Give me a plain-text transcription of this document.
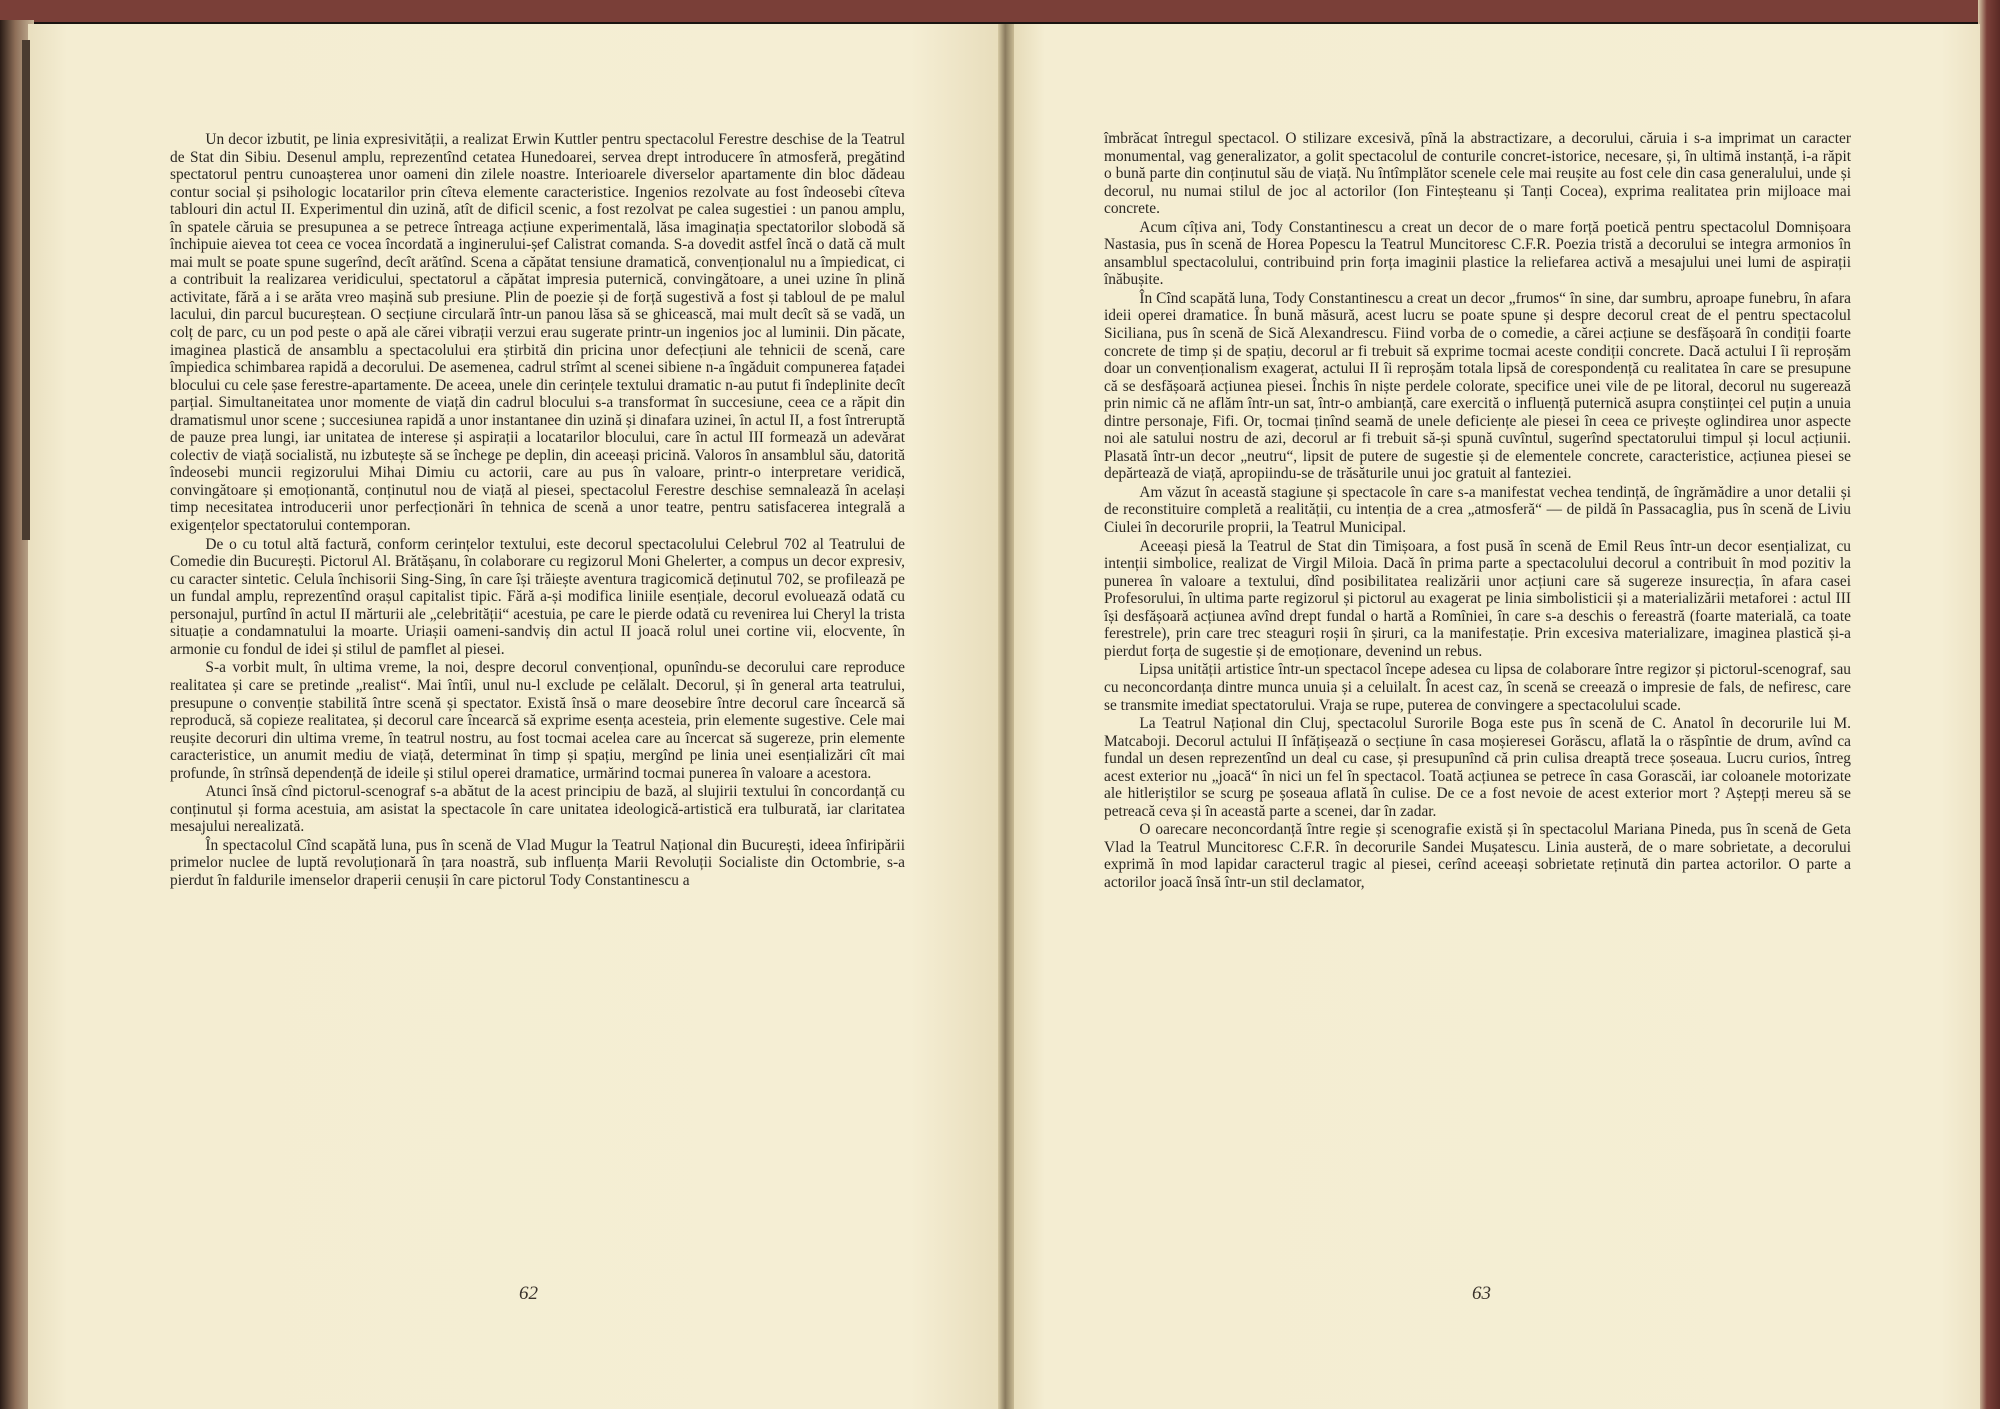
Un decor izbutit, pe linia expresivității, a realizat Erwin Kuttler pentru spectacolul Ferestre deschise de la Teatrul de Stat din Sibiu. Desenul amplu, reprezentînd cetatea Hunedoarei, servea drept introducere în atmosferă, pregătind spectatorul pentru cunoașterea unor oameni din zilele noastre. Interioarele diverselor apartamente din bloc dădeau contur social și psihologic locatarilor prin cîteva elemente caracteristice. Ingenios rezolvate au fost îndeosebi cîteva tablouri din actul II. Experimentul din uzină, atît de dificil scenic, a fost rezolvat pe calea sugestiei : un panou amplu, în spatele căruia se presupunea a se petrece întreaga acțiune experimentală, lăsa imaginația spectatorilor slobodă să închipuie aievea tot ceea ce vocea încordată a inginerului-șef Calistrat comanda. S-a dovedit astfel încă o dată că mult mai mult se poate spune sugerînd, decît arătînd. Scena a căpătat tensiune dramatică, convenționalul nu a împiedicat, ci a contribuit la realizarea veridicului, spectatorul a căpătat impresia puternică, convingătoare, a unei uzine în plină activitate, fără a i se arăta vreo mașină sub presiune. Plin de poezie și de forță sugestivă a fost și tabloul de pe malul lacului, din parcul bucureștean. O secțiune circulară într-un panou lăsa să se ghicească, mai mult decît să se vadă, un colț de parc, cu un pod peste o apă ale cărei vibrații verzui erau sugerate printr-un ingenios joc al luminii. Din păcate, imaginea plastică de ansamblu a spectacolului era știrbită din pricina unor defecțiuni ale tehnicii de scenă, care împiedica schimbarea rapidă a decorului. De asemenea, cadrul strîmt al scenei sibiene n-a îngăduit compunerea fațadei blocului cu cele șase ferestre-apartamente. De aceea, unele din cerințele textului dramatic n-au putut fi îndeplinite decît parțial. Simultaneitatea unor momente de viață din cadrul blocului s-a transformat în succesiune, ceea ce a răpit din dramatismul unor scene ; succesiunea rapidă a unor instantanee din uzină și dinafara uzinei, în actul II, a fost întreruptă de pauze prea lungi, iar unitatea de interese și aspirații a locatarilor blocului, care în actul III formează un adevărat colectiv de viață socialistă, nu izbutește să se închege pe deplin, din aceeași pricină. Valoros în ansamblul său, datorită îndeosebi muncii regizorului Mihai Dimiu cu actorii, care au pus în valoare, printr-o interpretare veridică, convingătoare și emoționantă, conținutul nou de viață al piesei, spectacolul Ferestre deschise semnalează în același timp necesitatea introducerii unor perfecționări în tehnica de scenă a unor teatre, pentru satisfacerea integrală a exigențelor spectatorului contemporan.

De o cu totul altă factură, conform cerințelor textului, este decorul spectacolului Celebrul 702 al Teatrului de Comedie din București. Pictorul Al. Brătășanu, în colaborare cu regizorul Moni Ghelerter, a compus un decor expresiv, cu caracter sintetic. Celula închisorii Sing-Sing, în care își trăiește aventura tragicomică deținutul 702, se profilează pe un fundal amplu, reprezentînd orașul capitalist tipic. Fără a-și modifica liniile esențiale, decorul evoluează odată cu personajul, purtînd în actul II mărturii ale „celebrității“ acestuia, pe care le pierde odată cu revenirea lui Cheryl la trista situație a condamnatului la moarte. Uriașii oameni-sandviș din actul II joacă rolul unei cortine vii, elocvente, în armonie cu fondul de idei și stilul de pamflet al piesei.

S-a vorbit mult, în ultima vreme, la noi, despre decorul convențional, opunîndu-se decorului care reproduce realitatea și care se pretinde „realist“. Mai întîi, unul nu-l exclude pe celălalt. Decorul, și în general arta teatrului, presupune o convenție stabilită între scenă și spectator. Există însă o mare deosebire între decorul care încearcă să reproducă, să copieze realitatea, și decorul care încearcă să exprime esența acesteia, prin elemente sugestive. Cele mai reușite decoruri din ultima vreme, în teatrul nostru, au fost tocmai acelea care au încercat să sugereze, prin elemente caracteristice, un anumit mediu de viață, determinat în timp și spațiu, mergînd pe linia unei esențializări cît mai profunde, în strînsă dependență de ideile și stilul operei dramatice, urmărind tocmai punerea în valoare a acestora.

Atunci însă cînd pictorul-scenograf s-a abătut de la acest principiu de bază, al slujirii textului în concordanță cu conținutul și forma acestuia, am asistat la spectacole în care unitatea ideologică-artistică era tulburată, iar claritatea mesajului nerealizată.

În spectacolul Cînd scapătă luna, pus în scenă de Vlad Mugur la Teatrul Național din București, ideea înfiripării primelor nuclee de luptă revoluționară în țara noastră, sub influența Marii Revoluții Socialiste din Octombrie, s-a pierdut în faldurile imenselor draperii cenușii în care pictorul Tody Constantinescu a

îmbrăcat întregul spectacol. O stilizare excesivă, pînă la abstractizare, a decorului, căruia i s-a imprimat un caracter monumental, vag generalizator, a golit spectacolul de conturile concret-istorice, necesare, și, în ultimă instanță, i-a răpit o bună parte din conținutul său de viață. Nu întîmplător scenele cele mai reușite au fost cele din casa generalului, unde și decorul, nu numai stilul de joc al actorilor (Ion Finteșteanu și Tanți Cocea), exprima realitatea prin mijloace mai concrete.

Acum cîțiva ani, Tody Constantinescu a creat un decor de o mare forță poetică pentru spectacolul Domnișoara Nastasia, pus în scenă de Horea Popescu la Teatrul Muncitoresc C.F.R. Poezia tristă a decorului se integra armonios în ansamblul spectacolului, contribuind prin forța imaginii plastice la reliefarea activă a mesajului unei lumi de aspirații înăbușite.

În Cînd scapătă luna, Tody Constantinescu a creat un decor „frumos“ în sine, dar sumbru, aproape funebru, în afara ideii operei dramatice. În bună măsură, acest lucru se poate spune și despre decorul creat de el pentru spectacolul Siciliana, pus în scenă de Sică Alexandrescu. Fiind vorba de o comedie, a cărei acțiune se desfășoară în condiții foarte concrete de timp și de spațiu, decorul ar fi trebuit să exprime tocmai aceste condiții concrete. Dacă actului I îi reproșăm doar un convenționalism exagerat, actului II îi reproșăm totala lipsă de corespondență cu realitatea în care se presupune că se desfășoară acțiunea piesei. Închis în niște perdele colorate, specifice unei vile de pe litoral, decorul nu sugerează prin nimic că ne aflăm într-un sat, într-o ambianță, care exercită o influență puternică asupra conștiinței cel puțin a unuia dintre personaje, Fifi. Or, tocmai ținînd seamă de unele deficiențe ale piesei în ceea ce privește oglindirea unor aspecte noi ale satului nostru de azi, decorul ar fi trebuit să-și spună cuvîntul, sugerînd spectatorului timpul și locul acțiunii. Plasată într-un decor „neutru“, lipsit de putere de sugestie și de elementele concrete, caracteristice, acțiunea piesei se depărtează de viață, apropiindu-se de trăsăturile unui joc gratuit al fanteziei.

Am văzut în această stagiune și spectacole în care s-a manifestat vechea tendință, de îngrămădire a unor detalii și de reconstituire completă a realității, cu intenția de a crea „atmosferă“ — de pildă în Passacaglia, pus în scenă de Liviu Ciulei în decorurile proprii, la Teatrul Municipal.

Aceeași piesă la Teatrul de Stat din Timișoara, a fost pusă în scenă de Emil Reus într-un decor esențializat, cu intenții simbolice, realizat de Virgil Miloia. Dacă în prima parte a spectacolului decorul a contribuit în mod pozitiv la punerea în valoare a textului, dînd posibilitatea realizării unor acțiuni care să sugereze insurecția, în afara casei Profesorului, în ultima parte regizorul și pictorul au exagerat pe linia simbolisticii și a materializării metaforei : actul III își desfășoară acțiunea avînd drept fundal o hartă a Romîniei, în care s-a deschis o fereastră (foarte materială, ca toate ferestrele), prin care trec steaguri roșii în șiruri, ca la manifestație. Prin excesiva materializare, imaginea plastică și-a pierdut forța de sugestie și de emoționare, devenind un rebus.

Lipsa unității artistice într-un spectacol începe adesea cu lipsa de colaborare între regizor și pictorul-scenograf, sau cu neconcordanța dintre munca unuia și a celuilalt. În acest caz, în scenă se creează o impresie de fals, de nefiresc, care se transmite imediat spectatorului. Vraja se rupe, puterea de convingere a spectacolului scade.

La Teatrul Național din Cluj, spectacolul Surorile Boga este pus în scenă de C. Anatol în decorurile lui M. Matcaboji. Decorul actului II înfățișează o secțiune în casa moșieresei Gorăscu, aflată la o răspîntie de drum, avînd ca fundal un desen reprezentînd un deal cu case, și presupunînd că prin culisa dreaptă trece șoseaua. Lucru curios, întreg acest exterior nu „joacă“ în nici un fel în spectacol. Toată acțiunea se petrece în casa Gorascăi, iar coloanele motorizate ale hitleriștilor se scurg pe șoseaua aflată în culise. De ce a fost nevoie de acest exterior mort ? Aștepți mereu să se petreacă ceva și în această parte a scenei, dar în zadar.

O oarecare neconcordanță între regie și scenografie există și în spectacolul Mariana Pineda, pus în scenă de Geta Vlad la Teatrul Muncitoresc C.F.R. în decorurile Sandei Mușatescu. Linia austeră, de o mare sobrietate, a decorului exprimă în mod lapidar caracterul tragic al piesei, cerînd aceeași sobrietate reținută din partea actorilor. O parte a actorilor joacă însă într-un stil declamator,

62	63
